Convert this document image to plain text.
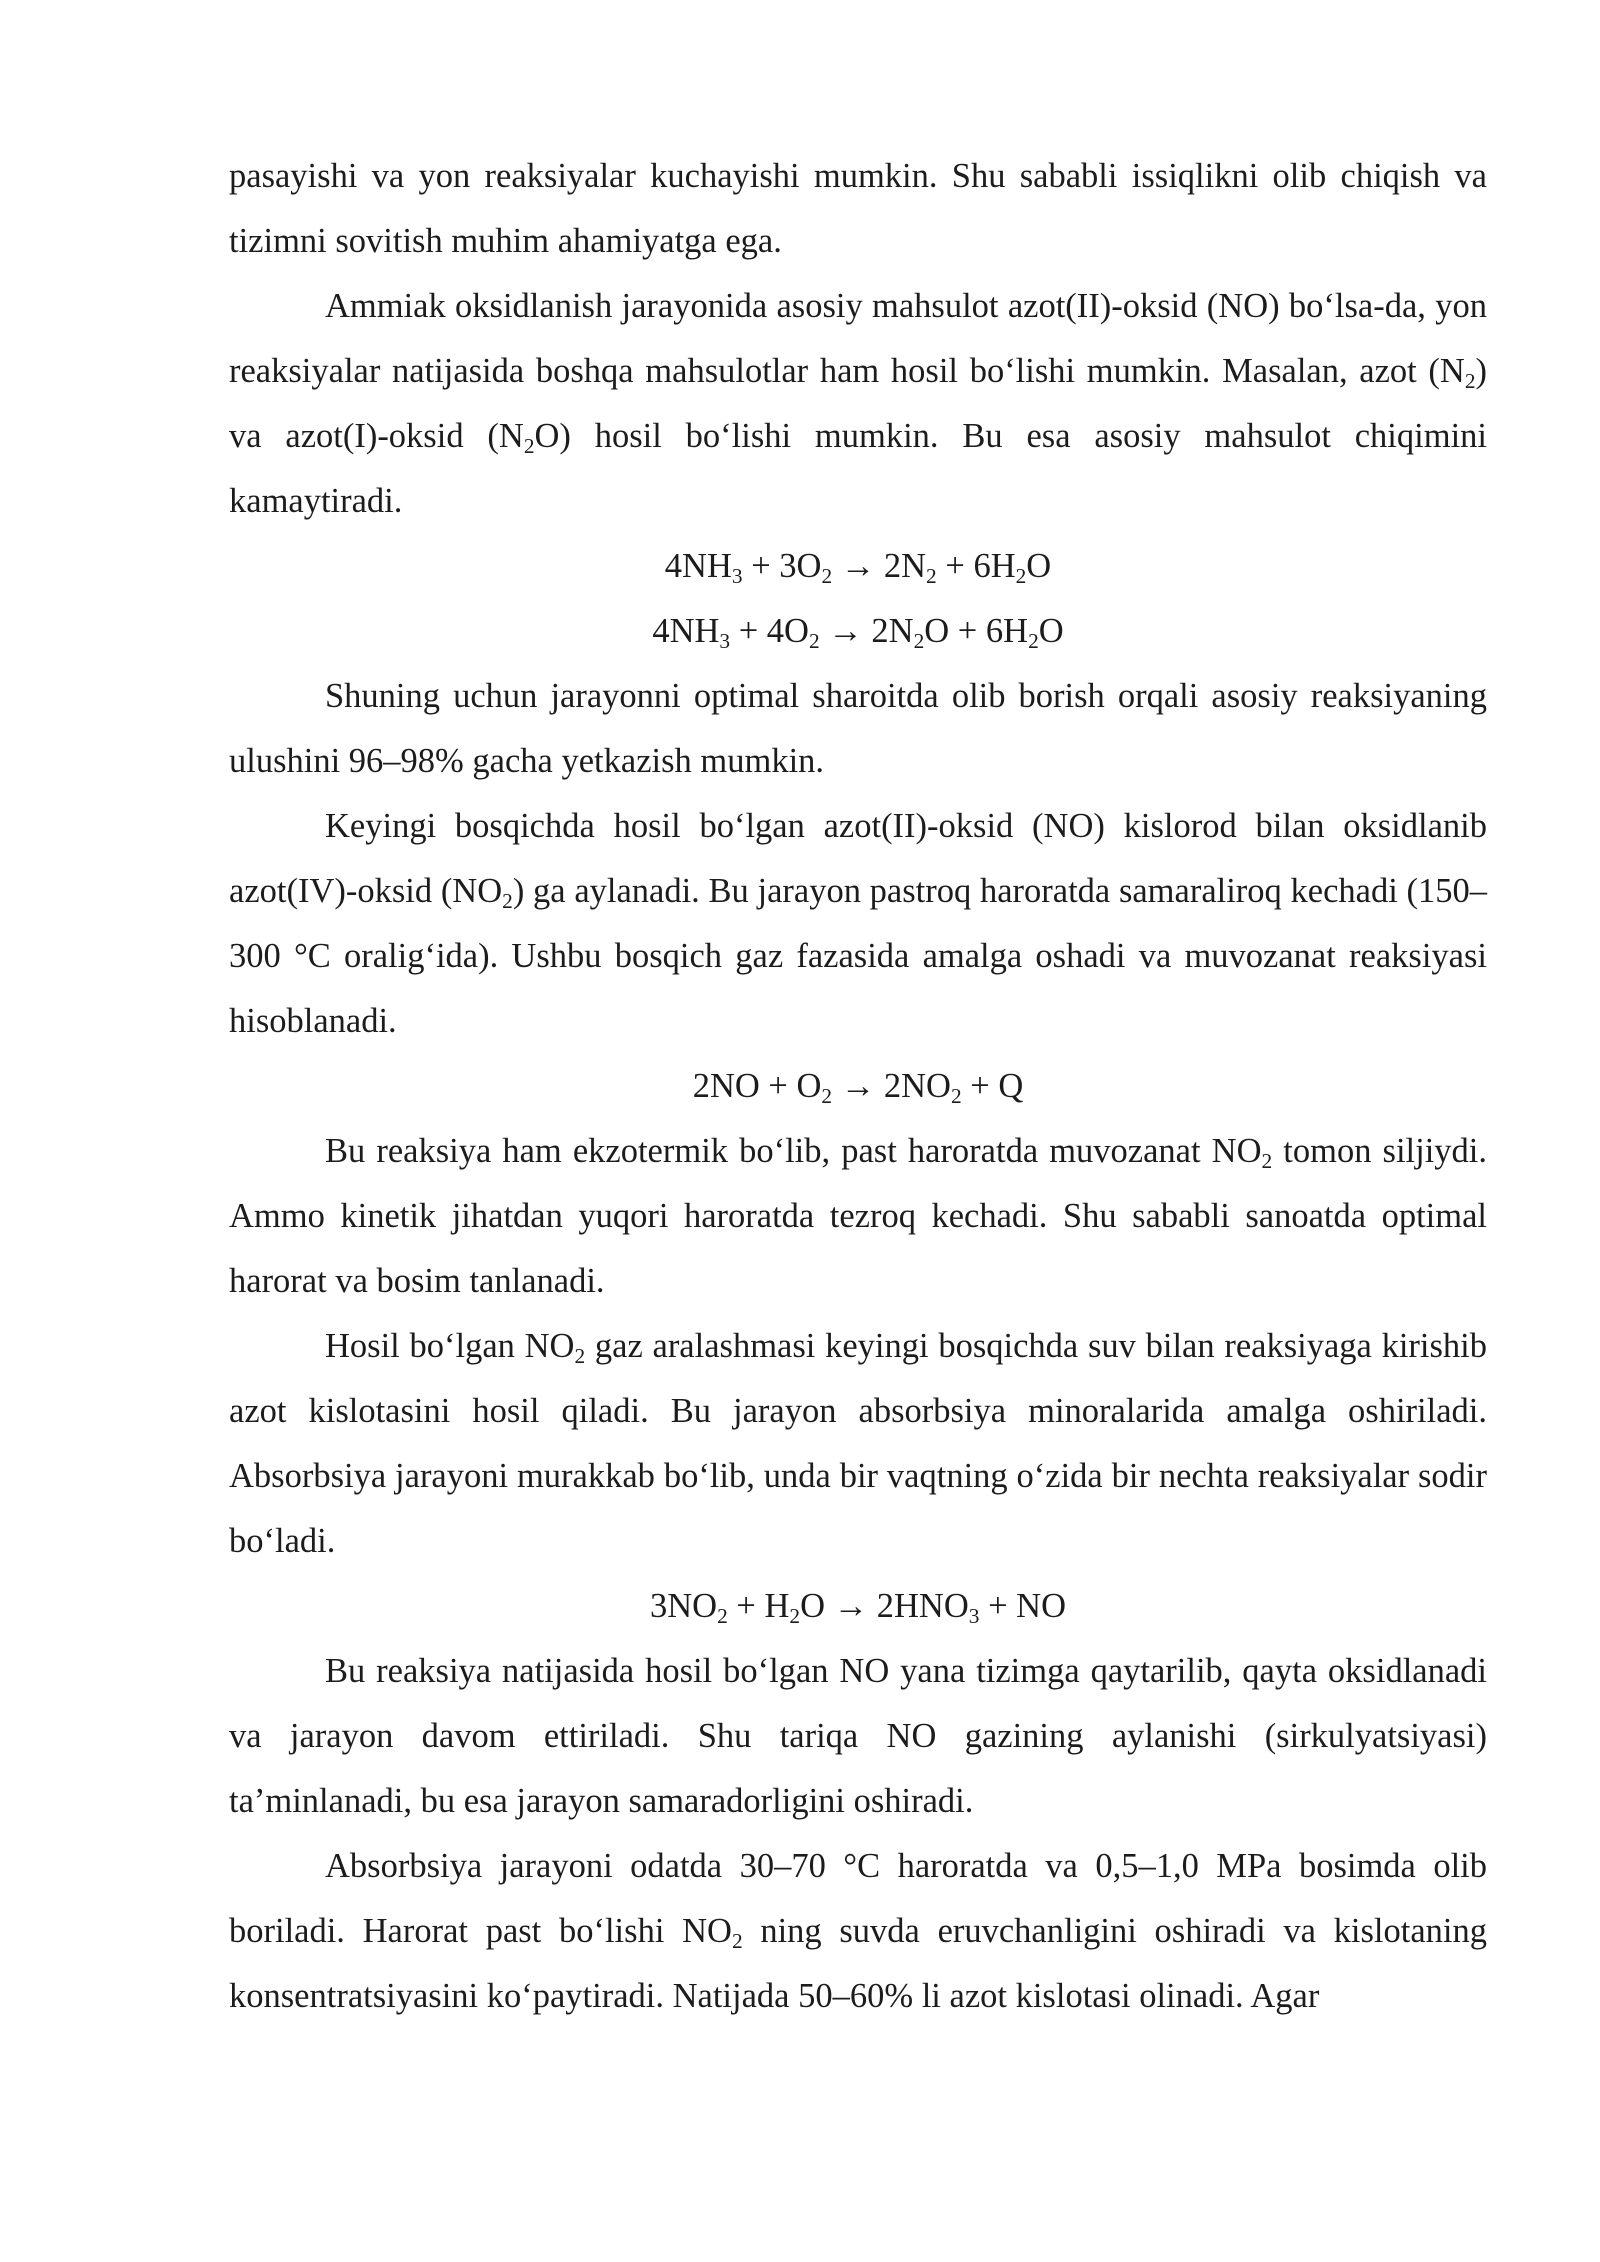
pasayishi va yon reaksiyalar kuchayishi mumkin. Shu sababli issiqlikni olib chiqish va tizimni sovitish muhim ahamiyatga ega.

Ammiak oksidlanish jarayonida asosiy mahsulot azot(II)-oksid (NO) bo‘lsa-da, yon reaksiyalar natijasida boshqa mahsulotlar ham hosil bo‘lishi mumkin. Masalan, azot $(N_2)$ va azot(I)-oksid $(N_2O)$ hosil bo‘lishi mumkin. Bu esa asosiy mahsulot chiqimini kamaytiradi.

$4NH_3 + 3O_2 \to 2N_2 + 6H_2O$

$4NH_3 + 4O_2 \to 2N_2O + 6H_2O$

Shuning uchun jarayonni optimal sharoitda olib borish orqali asosiy reaksiyaning ulushini 96–98% gacha yetkazish mumkin.

Keyingi bosqichda hosil bo‘lgan azot(II)-oksid (NO) kislorod bilan oksidlanib azot(IV)-oksid $(NO_2)$ ga aylanadi. Bu jarayon pastroq haroratda samaraliroq kechadi (150–300 °C oralig‘ida). Ushbu bosqich gaz fazasida amalga oshadi va muvozanat reaksiyasi hisoblanadi.

$2NO + O_2 \to 2NO_2 + Q$

Bu reaksiya ham ekzotermik bo‘lib, past haroratda muvozanat $NO_2$ tomon siljiydi. Ammo kinetik jihatdan yuqori haroratda tezroq kechadi. Shu sababli sanoatda optimal harorat va bosim tanlanadi.

Hosil bo‘lgan $NO_2$ gaz aralashmasi keyingi bosqichda suv bilan reaksiyaga kirishib azot kislotasini hosil qiladi. Bu jarayon absorbsiya minoralarida amalga oshiriladi. Absorbsiya jarayoni murakkab bo‘lib, unda bir vaqtning o‘zida bir nechta reaksiyalar sodir bo‘ladi.

$3NO_2 + H_2O \to 2HNO_3$ + NO

Bu reaksiya natijasida hosil bo‘lgan NO yana tizimga qaytarilib, qayta oksidlanadi va jarayon davom ettiriladi. Shu tariqa NO gazining aylanishi (sirkulyatsiyasi) ta’minlanadi, bu esa jarayon samaradorligini oshiradi.

Absorbsiya jarayoni odatda 30–70 °C haroratda va 0,5–1,0 MPa bosimda olib boriladi. Harorat past bo‘lishi $NO_2$ ning suvda eruvchanligini oshiradi va kislotaning konsentratsiyasini ko‘paytiradi. Natijada 50–60% li azot kislotasi olinadi. Agar
